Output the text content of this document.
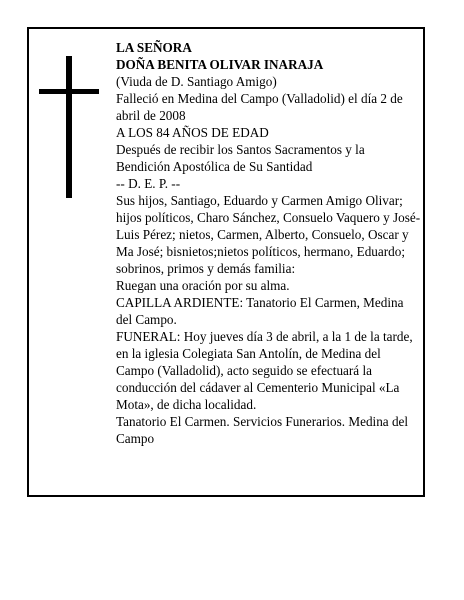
LA SEÑORA

DOÑA BENITA OLIVAR INARAJA

(Viuda de D. Santiago Amigo)

Falleció en Medina del Campo (Valladolid) el día 2 de abril de 2008

A LOS 84 AÑOS DE EDAD

Después de recibir los Santos Sacramentos y la Bendición Apostólica de Su Santidad

-- D. E. P. --

Sus hijos, Santiago, Eduardo y Carmen Amigo Olivar; hijos políticos, Charo Sánchez, Consuelo Vaquero y José-Luis Pérez; nietos, Carmen, Alberto, Consuelo, Oscar y Ma José; bisnietos;nietos políticos, hermano, Eduardo; sobrinos, primos y demás familia:

Ruegan una oración por su alma.

CAPILLA ARDIENTE: Tanatorio El Carmen, Medina del Campo.

FUNERAL: Hoy jueves día 3 de abril, a la 1 de la tarde, en la iglesia Colegiata San Antolín, de Medina del Campo (Valladolid), acto seguido se efectuará la conducción del cádaver al Cementerio Municipal «La Mota», de dicha localidad.

Tanatorio El Carmen. Servicios Funerarios. Medina del Campo
